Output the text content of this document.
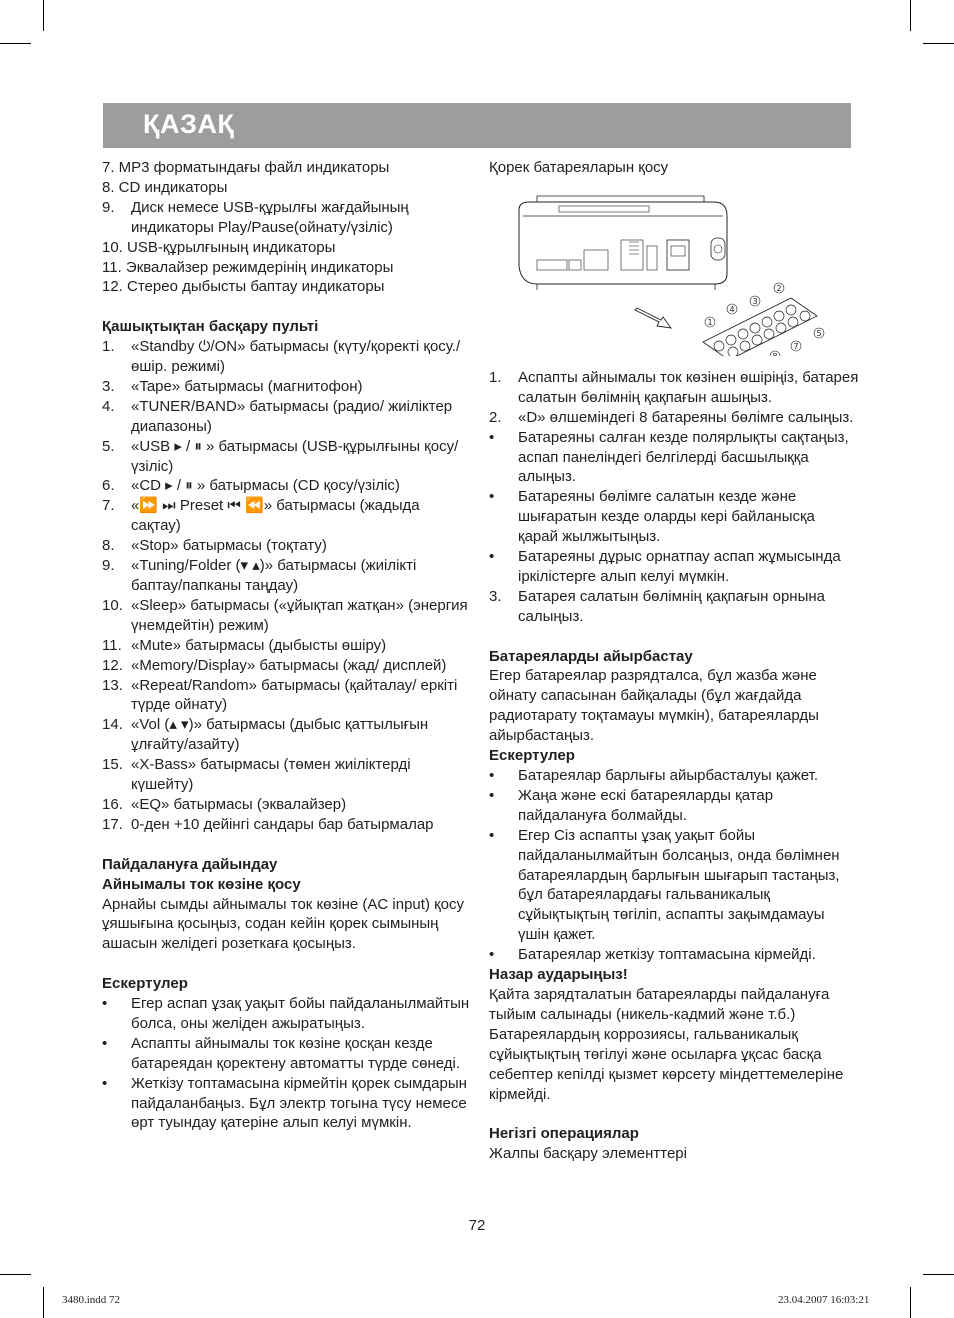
ҚАЗАҚ

7. MP3 форматындағы файл индикаторы

8. CD индикаторы

9.	Диск немесе USB-құрылғы жағдайының индикаторы Play/Pause(ойнату/үзіліс)

10. USB-құрылғының индикаторы

11. Эквалайзер режимдерінің индикаторы

12. Стерео дыбысты баптау индикаторы

Қашықтықтан басқару пульті

1.	«Standby ⏻/ON» батырмасы (күту/қоректі қосу./өшір. режимі)
3.	«Tape» батырмасы (магнитофон)
4.	«TUNER/BAND» батырмасы (радио/ жиіліктер диапазоны)
5.	«USB ▸ / ⏸ » батырмасы (USB-құрылғыны қосу/үзіліс)
6.	«CD ▸ / ⏸ » батырмасы (CD қосу/үзіліс)
7.	«⏩ ⏭ Preset ⏮ ⏪» батырмасы (жадыда сақтау)
8.	«Stop» батырмасы (тоқтату)
9.	«Tuning/Folder (▾ ▴)» батырмасы (жиілікті баптау/папканы таңдау)
10. «Sleep» батырмасы («ұйықтап жатқан» (энергия үнемдейтін) режим)
11. «Mute» батырмасы (дыбысты өшіру)
12. «Memory/Display» батырмасы (жад/ дисплей)
13. «Repeat/Random» батырмасы (қайталау/ еркіті түрде ойнату)
14. «Vol (▴ ▾)» батырмасы (дыбыс қаттылығын ұлғайту/азайту)
15. «X-Bass» батырмасы (төмен жиіліктерді күшейту)
16. «EQ» батырмасы (эквалайзер)
17. 0-ден +10 дейінгі сандары бар батырмалар

Пайдалануға дайындау

Айнымалы ток көзіне қосу

Арнайы сымды айнымалы ток көзіне (AC input) қосу ұяшығына қосыңыз, содан кейін қорек сымының ашасын желідегі розеткаға қосыңыз.

Ескертулер

•	Егер аспап ұзақ уақыт бойы пайдаланылмайтын болса, оны желіден ажыратыңыз.
•	Аспапты айнымалы ток көзіне қосқан кезде батареядан қоректену автоматты түрде сөнеді.
•	Жеткізу топтамасына кірмейтін қорек сымдарын пайдаланбаңыз. Бұл электр тогына түсу немесе өрт туындау қатеріне алып келуі мүмкін.

Қорек батареяларын қосу

1
2
3
4
5
7
1.	Аспапты айнымалы ток көзінен өшіріңіз, батарея салатын бөлімнің қақпағын ашыңыз.
2.	«D» өлшеміндегі 8 батареяны бөлімге салыңыз.
•	Батареяны салған кезде полярлықты сақтаңыз, аспап панеліндегі белгілерді басшылыққа алыңыз.
•	Батареяны бөлімге салатын кезде және шығаратын кезде оларды кері байланысқа қарай жылжытыңыз.
•	Батареяны дұрыс орнатпау аспап жұмысында іркілістерге алып келуі мүмкін.
3.	Батарея салатын бөлімнің қақпағын орнына салыңыз.

Батареяларды айырбастау

Егер батареялар разрядталса, бұл жазба және ойнату сапасынан байқалады (бұл жағдайда радиотарату тоқтамауы мүмкін), батареяларды айырбастаңыз.

Ескертулер

•	Батареялар барлығы айырбасталуы қажет.
•	Жаңа және ескі батареяларды қатар пайдалануға болмайды.
•	Егер Сіз аспапты ұзақ уақыт бойы пайдаланылмайтын болсаңыз, онда бөлімнен батареялардың барлығын шығарып тастаңыз, бұл батареялардағы гальваникалық сұйықтықтың төгіліп, аспапты зақымдамауы үшін қажет.
•	Батареялар жеткізу топтамасына кірмейді.

Назар аударыңыз!

Қайта зарядталатын батареяларды пайдалануға тыйым салынады (никель-кадмий және т.б.)

Батареялардың коррозиясы, гальваникалық сұйықтықтың төгілуі және осыларға ұқсас басқа себептер кепілді қызмет көрсету міндеттемелеріне кірмейді.

Негізгі операциялар

Жалпы басқару элементтері

72
3480.indd 72	23.04.2007 16:03:21
